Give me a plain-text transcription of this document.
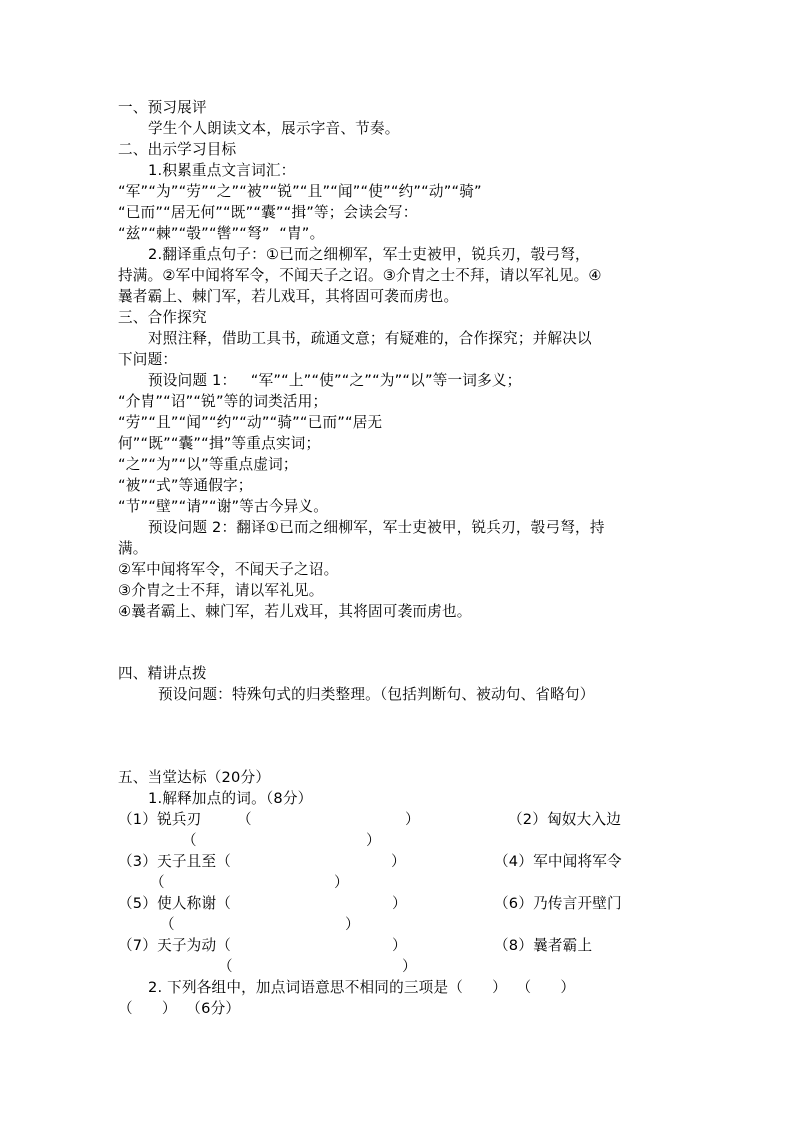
一、预习展评
学生个人朗读文本，展示字音、节奏。
二、出示学习目标
1.积累重点文言词汇：
“军”“为”“劳”“之”“被”“锐”“且”“闻”“使”“约”“动”“骑”
“已而”“居无何”“既”“囊”“揖”等；会读会写：
“兹”“棘”“彀”“辔”“弩”  “胄”。
2.翻译重点句子：①已而之细柳军，军士吏被甲，锐兵刃，彀弓弩，
持满。②军中闻将军令，不闻天子之诏。③介胄之士不拜，请以军礼见。④
曩者霸上、棘门军，若儿戏耳，其将固可袭而虏也。
三、合作探究
对照注释，借助工具书，疏通文意；有疑难的，合作探究；并解决以
下问题：
预设问题 1：   “军”“上”“使”“之”“为”“以”等一词多义；
“介胄”“诏”“锐”等的词类活用；
“劳”“且”“闻”“约”“动”“骑”“已而”“居无
何”“既”“囊”“揖”等重点实词；
“之”“为”“以”等重点虚词；
“被”“式”等通假字；
“节”“壁”“请”“谢”等古今异义。
预设问题 2：翻译①已而之细柳军，军士吏被甲，锐兵刃，彀弓弩，持
满。
②军中闻将军令，不闻天子之诏。
③介胄之士不拜，请以军礼见。
④曩者霸上、棘门军，若儿戏耳，其将固可袭而虏也。
四、精讲点拨
预设问题：特殊句式的归类整理。（包括判断句、被动句、省略句）
五、当堂达标（20分）
1.解释加点的词。（8分）
（1）锐兵刃 （	）	（2）匈奴大入边
（	）
（3）天子且至（	）	（4）军中闻将军令
（	）
（5）使人称谢（	）	（6）乃传言开壁门
（	）
（7）天子为动（	）	（8）曩者霸上
（	）
2. 下列各组中，加点词语意思不相同的三项是（      ）  （      ）
（      ）  （6分）
